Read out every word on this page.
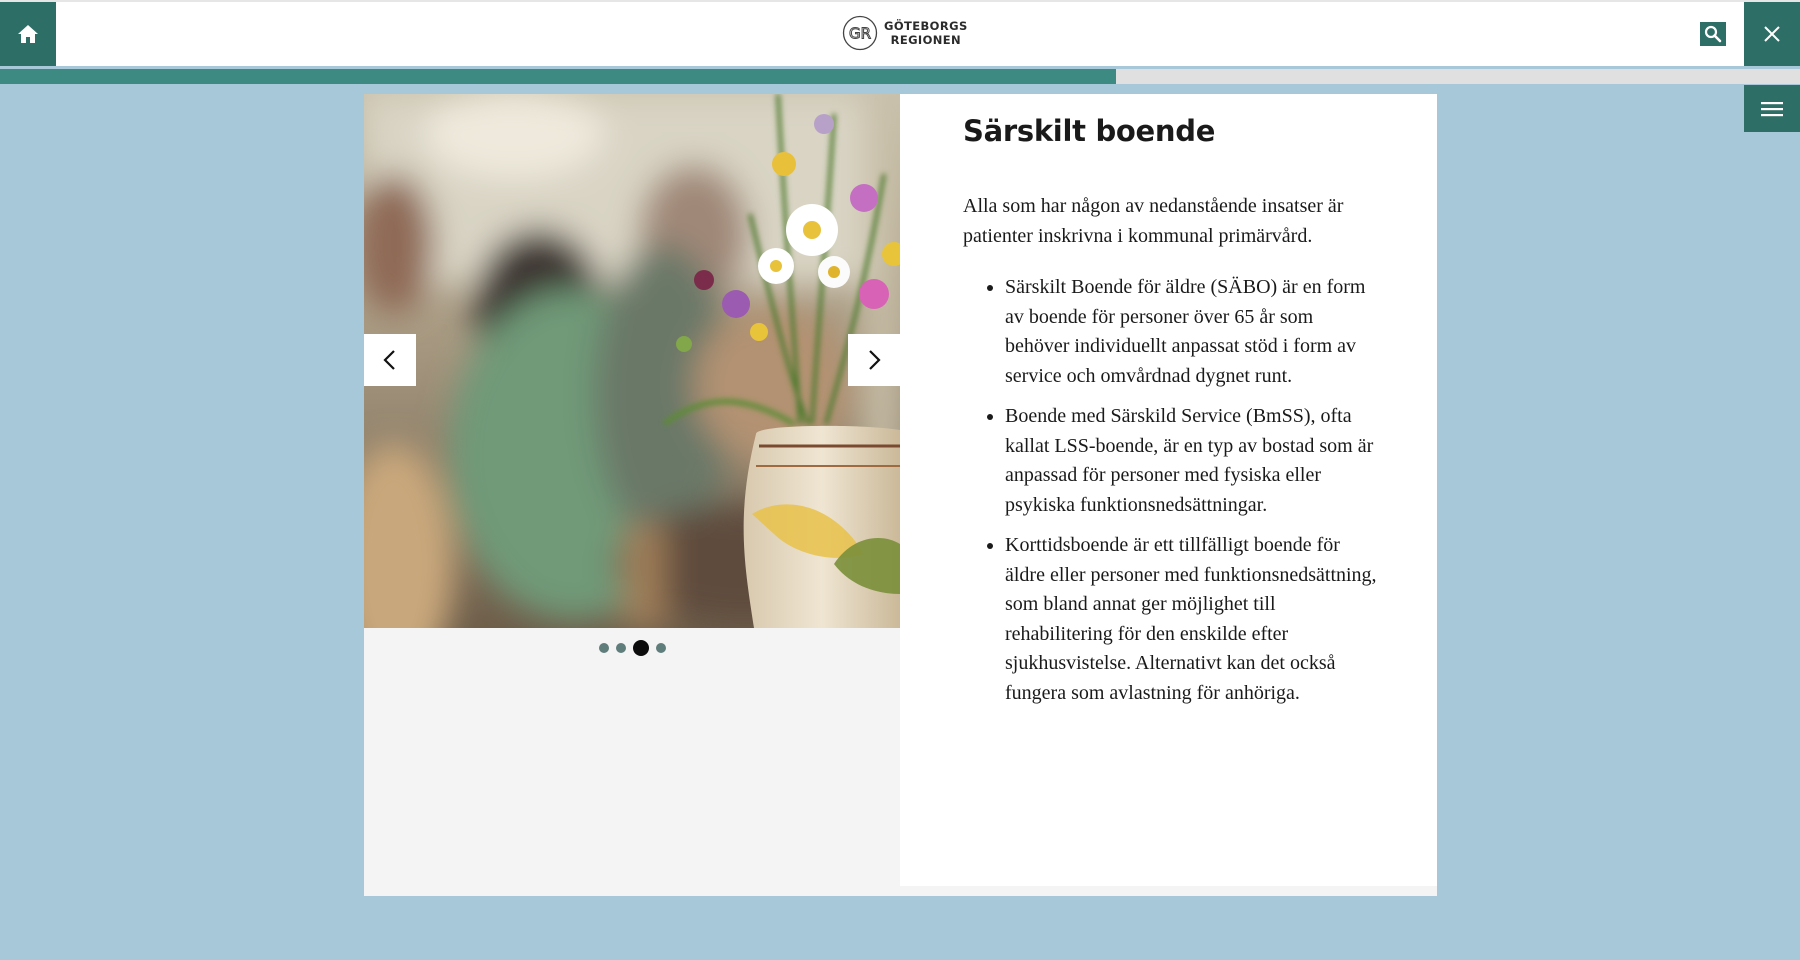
GR GÖTEBORGS
REGIONEN
Särskilt boende

Alla som har någon av nedanstående insatser är patienter inskrivna i kommunal primärvård.

• Särskilt Boende för äldre (SÄBO) är en form av boende för personer över 65 år som behöver individuellt anpassat stöd i form av service och omvårdnad dygnet runt.
• Boende med Särskild Service (BmSS), ofta kallat LSS-boende, är en typ av bostad som är anpassad för personer med fysiska eller psykiska funktionsnedsättningar.
• Korttidsboende är ett tillfälligt boende för äldre eller personer med funktionsnedsättning, som bland annat ger möjlighet till rehabilitering för den enskilde efter sjukhusvistelse. Alternativt kan det också fungera som avlastning för anhöriga.
